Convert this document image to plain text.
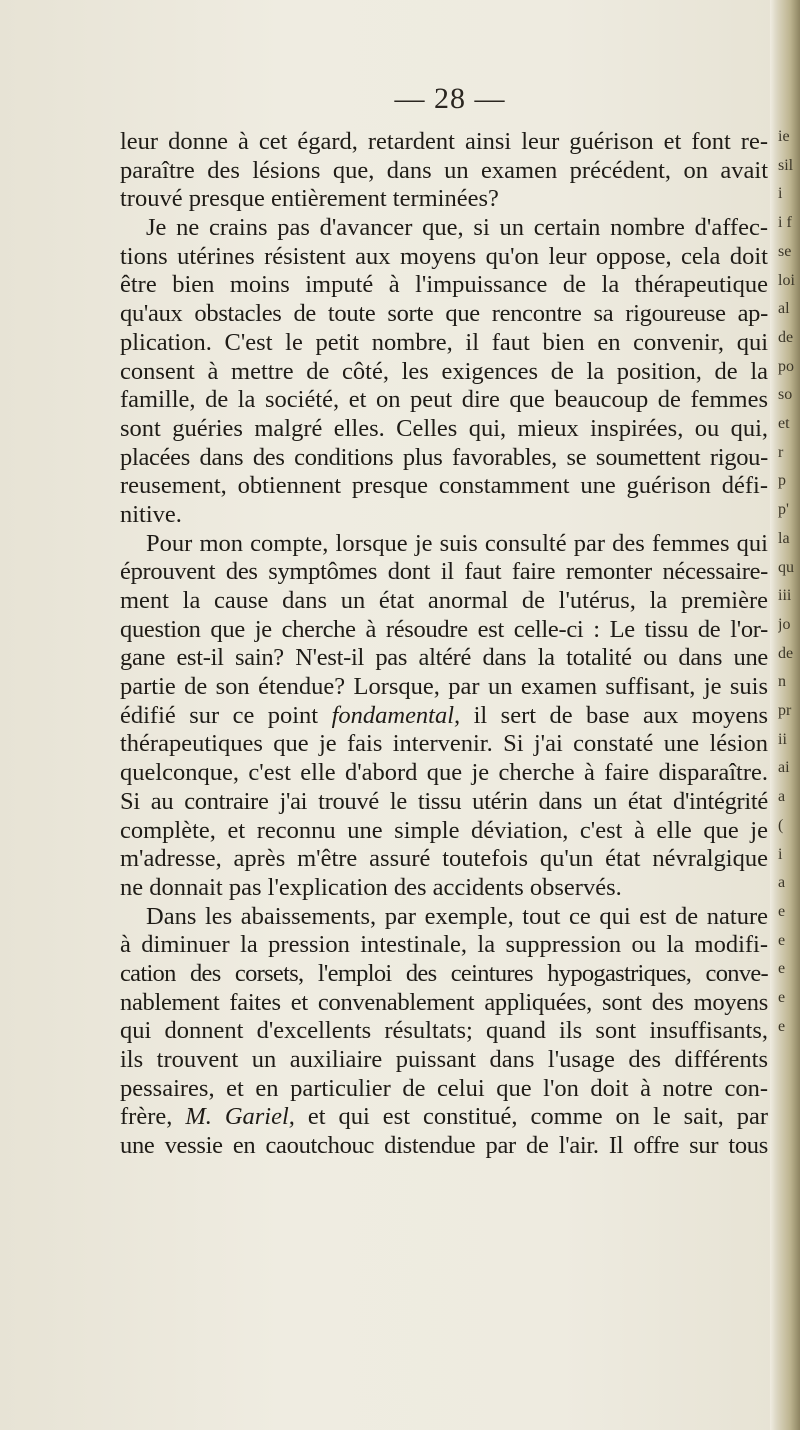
— 28 —
leur donne à cet égard, retardent ainsi leur guérison et font re-
paraître des lésions que, dans un examen précédent, on avait
trouvé presque entièrement terminées?
Je ne crains pas d'avancer que, si un certain nombre d'affec-
tions utérines résistent aux moyens qu'on leur oppose, cela doit
être bien moins imputé à l'impuissance de la thérapeutique
qu'aux obstacles de toute sorte que rencontre sa rigoureuse ap-
plication. C'est le petit nombre, il faut bien en convenir, qui
consent à mettre de côté, les exigences de la position, de la
famille, de la société, et on peut dire que beaucoup de femmes
sont guéries malgré elles. Celles qui, mieux inspirées, ou qui,
placées dans des conditions plus favorables, se soumettent rigou-
reusement, obtiennent presque constamment une guérison défi-
nitive.
Pour mon compte, lorsque je suis consulté par des femmes qui
éprouvent des symptômes dont il faut faire remonter nécessaire-
ment la cause dans un état anormal de l'utérus, la première
question que je cherche à résoudre est celle-ci : Le tissu de l'or-
gane est-il sain? N'est-il pas altéré dans la totalité ou dans une
partie de son étendue? Lorsque, par un examen suffisant, je suis
édifié sur ce point fondamental, il sert de base aux moyens
thérapeutiques que je fais intervenir. Si j'ai constaté une lésion
quelconque, c'est elle d'abord que je cherche à faire disparaître.
Si au contraire j'ai trouvé le tissu utérin dans un état d'intégrité
complète, et reconnu une simple déviation, c'est à elle que je
m'adresse, après m'être assuré toutefois qu'un état névralgique
ne donnait pas l'explication des accidents observés.
Dans les abaissements, par exemple, tout ce qui est de nature
à diminuer la pression intestinale, la suppression ou la modifi-
cation des corsets, l'emploi des ceintures hypogastriques, conve-
nablement faites et convenablement appliquées, sont des moyens
qui donnent d'excellents résultats; quand ils sont insuffisants,
ils trouvent un auxiliaire puissant dans l'usage des différents
pessaires, et en particulier de celui que l'on doit à notre con-
frère, M. Gariel, et qui est constitué, comme on le sait, par
une vessie en caoutchouc distendue par de l'air. Il offre sur tous
ie
sil
i
i f
se
loi
al
de
po
so
et
r
p
p'
la
qu
iii
jo
de
n
pr
ii
ai
a
(
i
a
e
e
e
e
e
